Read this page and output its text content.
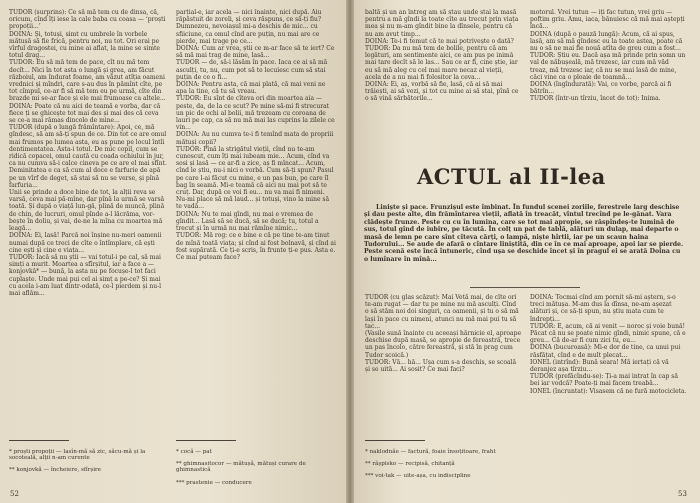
TUDOR (surprins): Ce să mă tem cu de dinsa, că, oricum, cînd îți iese la cale baba cu coasa — ‘proști propoții...’

DOINA: Și, totuși, simt cu umbrele în vorbele mătușă să fie frică, pentru noi, nu tot. Ori erai pe vîrful dragostei, cu mine ai aflat, la mine se simte totul drag...

TUDOR: Eu să mă tem de pace, cît nu mă tem decît... Nici în tot asta o lungă și grea, am făcut războiul, am îndurat foame, am văzut atîția oameni vrednici și mîndri, care s-au dus în pămînt cîte, pe tot cîmpul, ce-ar fi să mă tem eu pe urmă, cîte din brazde mi se-ar face și ele mai frumoase ca altele...

DOINA: Poate că nu aici de teamă e vorba, dar că fiece ți se ghicește tot mai des și mai des că ceva se ce-a mai rămas dincolo de mine...

TUDOR (după o lungă frămîntare): Apoi, ce, mă gîndesc, să am să-ți spun de ce. Din tot ce are omul mai frumos pe lumea asta, eu aș pune pe locul întîi dentimentatea. Asta-i totul. De mic copil, cum se ridică copacei, omul caută cu coada ochiului în jur, ca nu cumva să-i calce cineva pe ce are el mai sfînt. Deminitatea e ca să cum al doce e farfurie de apă pe un vîrf de deget, să stai să nu se verse, și pînă farfuria...

Unii se prinde a doce bine de tot, la alții reva se varsă, ceva mai pă-mîne, dar pînă la urmă se varsă toată. Și după o viață lun-gă, plină de muncă, plină de chin, de lucruri, omul pînde a-l lăcrăma, vor-bește în doliu, și vai, de-ne la mîna cu moartea mă leagă...

DOINA: Ei, lasă! Parcă noi înșine nu-meri oamenii numai după ce treci de cîte o întîmplare, că ești cine ești și cine e viața...

TUDOR: Iacă să nu știi — vai totul-i pe cal, să mai simți a murit. Moartea a sfîrșitul, iar a face a — konjovkă* — bună, la asta nu pe focușe-l tot faci cuplaște. Unde mai pui cel ai simț a pe-ce? Și mai cu acela i-am luat dintr-odată, ce-l pierdem și nu-l mai aflăm...

parțial-e, iar acela — nici înainte, nici după. Aiu răpăstuit de zoreli, și ceva răspuns, ce să-ți fiu? Dumnezeu, nevoiașul mi-a deschis de mic... cu sfiiciune, ca omul cînd are puțin, nu mai are ce pierde, mai trage pe ce...

DOINA: Cum ar vrea, știi ce m-ar face să te iert? Ce să mă mai trag de mine, lasă...

TUDOR — de, să-i lăsăm în pace. Iaca ce ai să mă asculți, tu, nu, cum pot să te lecuiesc cum să stai puțin de ce o fi...

DOINA: Pentru asta, că mai plată, că mai veni ne apa la tine, că tu să vreau.

TUDOR: Eu sînt de cîteva ori din moartea aia — peste, da, de la ce scut? Pe mine să-mi fi strecurat un pic de ochi al bolii, mă trezeam cu coroana de lauri pe cap, ca să nu mă mai las cuprins la zilele ce vin...

DOINA: Au nu cumva te-i fi temînd mata de propriii mătuși copii?

TUDOR: Pînă la strigătul vieții, cînd nu te-am cunoscut, cum îți mai iubeam mie... Acum, cînd va sosi și lasă — ce ar-fi a zice, aș fi mîncat... Acum, cînd le știu, nu-i nici o vorbă. Cum să-ți spun? Pasul pe care l-ai făcut cu mine, e un pas bun, pe care îl bag în seamă. Mi-e teamă că aici nu mai pot să te cruț. Dar, după ce voi fi eu... nu va mai fi nimeni. Nu-mi place să mă laud... și totuși, vino la mine să te vadă...

DOINA: Nu te mai gîndi, nu mai e vremea de gîndit... Lasă să se ducă, să se ducă; tu, totul a trecut și în urmă nu mai rămîne nimic...

TUDOR: Mă rog: ce e bine e că pe tine te-am ținut de mînă toată viața; și cînd ai fost bolnavă, și cînd ai fost supărată. Ce ți-e scris, în frunte ți-e pus. Asta e. Ce mai puteam face?

* proști propoții — lasîn-mă să zic, săcu-mă și la socoteală, alții n-am curente

** konjovkă — încheiere, sfîrșire

* cocă — pat

** ghimnasitocor — mătușă, mătuși curare de ghimnastică

*** prastenie — conducere

52

baltă și un an întreg am să stau unde stai la masă pentru a mă gîndi la toate cîte au trecut prin viața mea și nu m-am gîndit bine la dînsele, pentru că nu am avut timp...

DOINA: Te-i fi temut că te mai potrivește o dată?

TUDOR: Da nu mă tem de bolile, pentru că am legături, am sentimente aici, ce am pus pe inimă mai tare decît să le las... Sau ce ar fi, cine știe, iar eu să mă aleg cu cel mai mare necaz al vieții, acela de a nu mai fi folositor la ceva...

DOINA: Ei, aș, vorbă să fie, lasă, că ai să mai trăiești, ai să vezi, și tot cu mine ai să stai, pînă ce o să vină sărbătorile...

motorul. Vrei tutun — iți fac tutun, vrei griu — poftim griu. Amu, iaca, bănuiesc că mă mai aștepți încă...

DOINA (după o pauză lungă): Acum, că ai spus, lasă, am să mă gîndesc eu la toate astea, poate că nu o să ne mai fie nouă atîta de greu cum a fost...

TUDOR: Știu eu. Dacă așa mă prinde prin somn un val de năbușeală, mă trezesc, iar cum mă văd treaz, mă trezesc iar, că nu se mai lasă de mine, căci vine ca o ploaie de toamnă...

DOINA (îngîndurată): Vai, ce vorbe, parcă ai fi bătrîn...

TUDOR (într-un tîrziu, încet de tot): Inima.

ACTUL al II-lea
Liniște și pace. Frunzișul este îmbinat. În fundul scenei zoriile, ferestrele larg deschise și dau peste alte, din frămîntarea vieții, aflată în treacăt, vîntul trecînd pe le-gănat. Vara clădește frunze. Peste cu cu în lumina, care se tot mai apropie, se răspîndeș-te lumină de sus, totul gînd de iubire, pe tăcută. În colț un pat de tablă, alături un dulap, mai departe o masă de lemn pe care sînt cîteva cărți, o lampă, niște hîrtii, iar pe un scaun haina Tudorului... Se aude de afară o cîntare liniștită, din ce în ce mai aproape, apoi iar se pierde. Peste scenă este încă întuneric, cînd ușa se deschide încet și în pragul ei se arată Doina cu o lumînare în mînă...

TUDOR (cu glas scăzut): Mai Vetă mai, de cîte ori te-am rugat — dar tu pe mine nu mă asculți. Cînd o să stăm noi doi singuri, ca oamenii, și tu o să mă lași în pace cu nimeni, atunci nu mă mai pui tu să tac...

(Vasile sună înainte cu aceeași hărnicie el, aproape deschise după masă, se apropie de fereastră, trece un pas încolo, către fereastră, și stă în prag cum Tudor scoică.)

TUDOR: Vă... hă... Ușa cum s-a deschis, se scoală și se uită... Ai sosit? Ce mai faci?

DOINA: Tocmai cînd am pornit să-mi aștern, s-o treci mătușa. M-am dus la dînsa, ne-am așezat alături și, ce să-ți spun, nu știu mata cum te îndrepți...

TUDOR: E, acum, că ai venit — noroc și voie bună! Păcat că nu se poate nimic gîndi, nimic spune, că e greu... Că de-ar fi cum zici tu, eu...

DOINA (bucuroasă): Mi-e dor de tine, ca unui pui răsfățat, cînd e de mult plecat...

IONEL (intrînd): Bună seara! Mă iertați că vă deranjez așa tîrziu...

TUDOR (prefăcîndu-se): Ți-a mai intrat în cap să bei iar vodcă? Poate-ți mai facem treabă...

IONEL (încruntat): Visasem că ne furã motocicleta.

* naklodnăe — factură, foaie însoțitoare, fraht

** rășpisko — recipisă, chitanță

*** voi-tak — uite-așa, cu indiscipline

53
